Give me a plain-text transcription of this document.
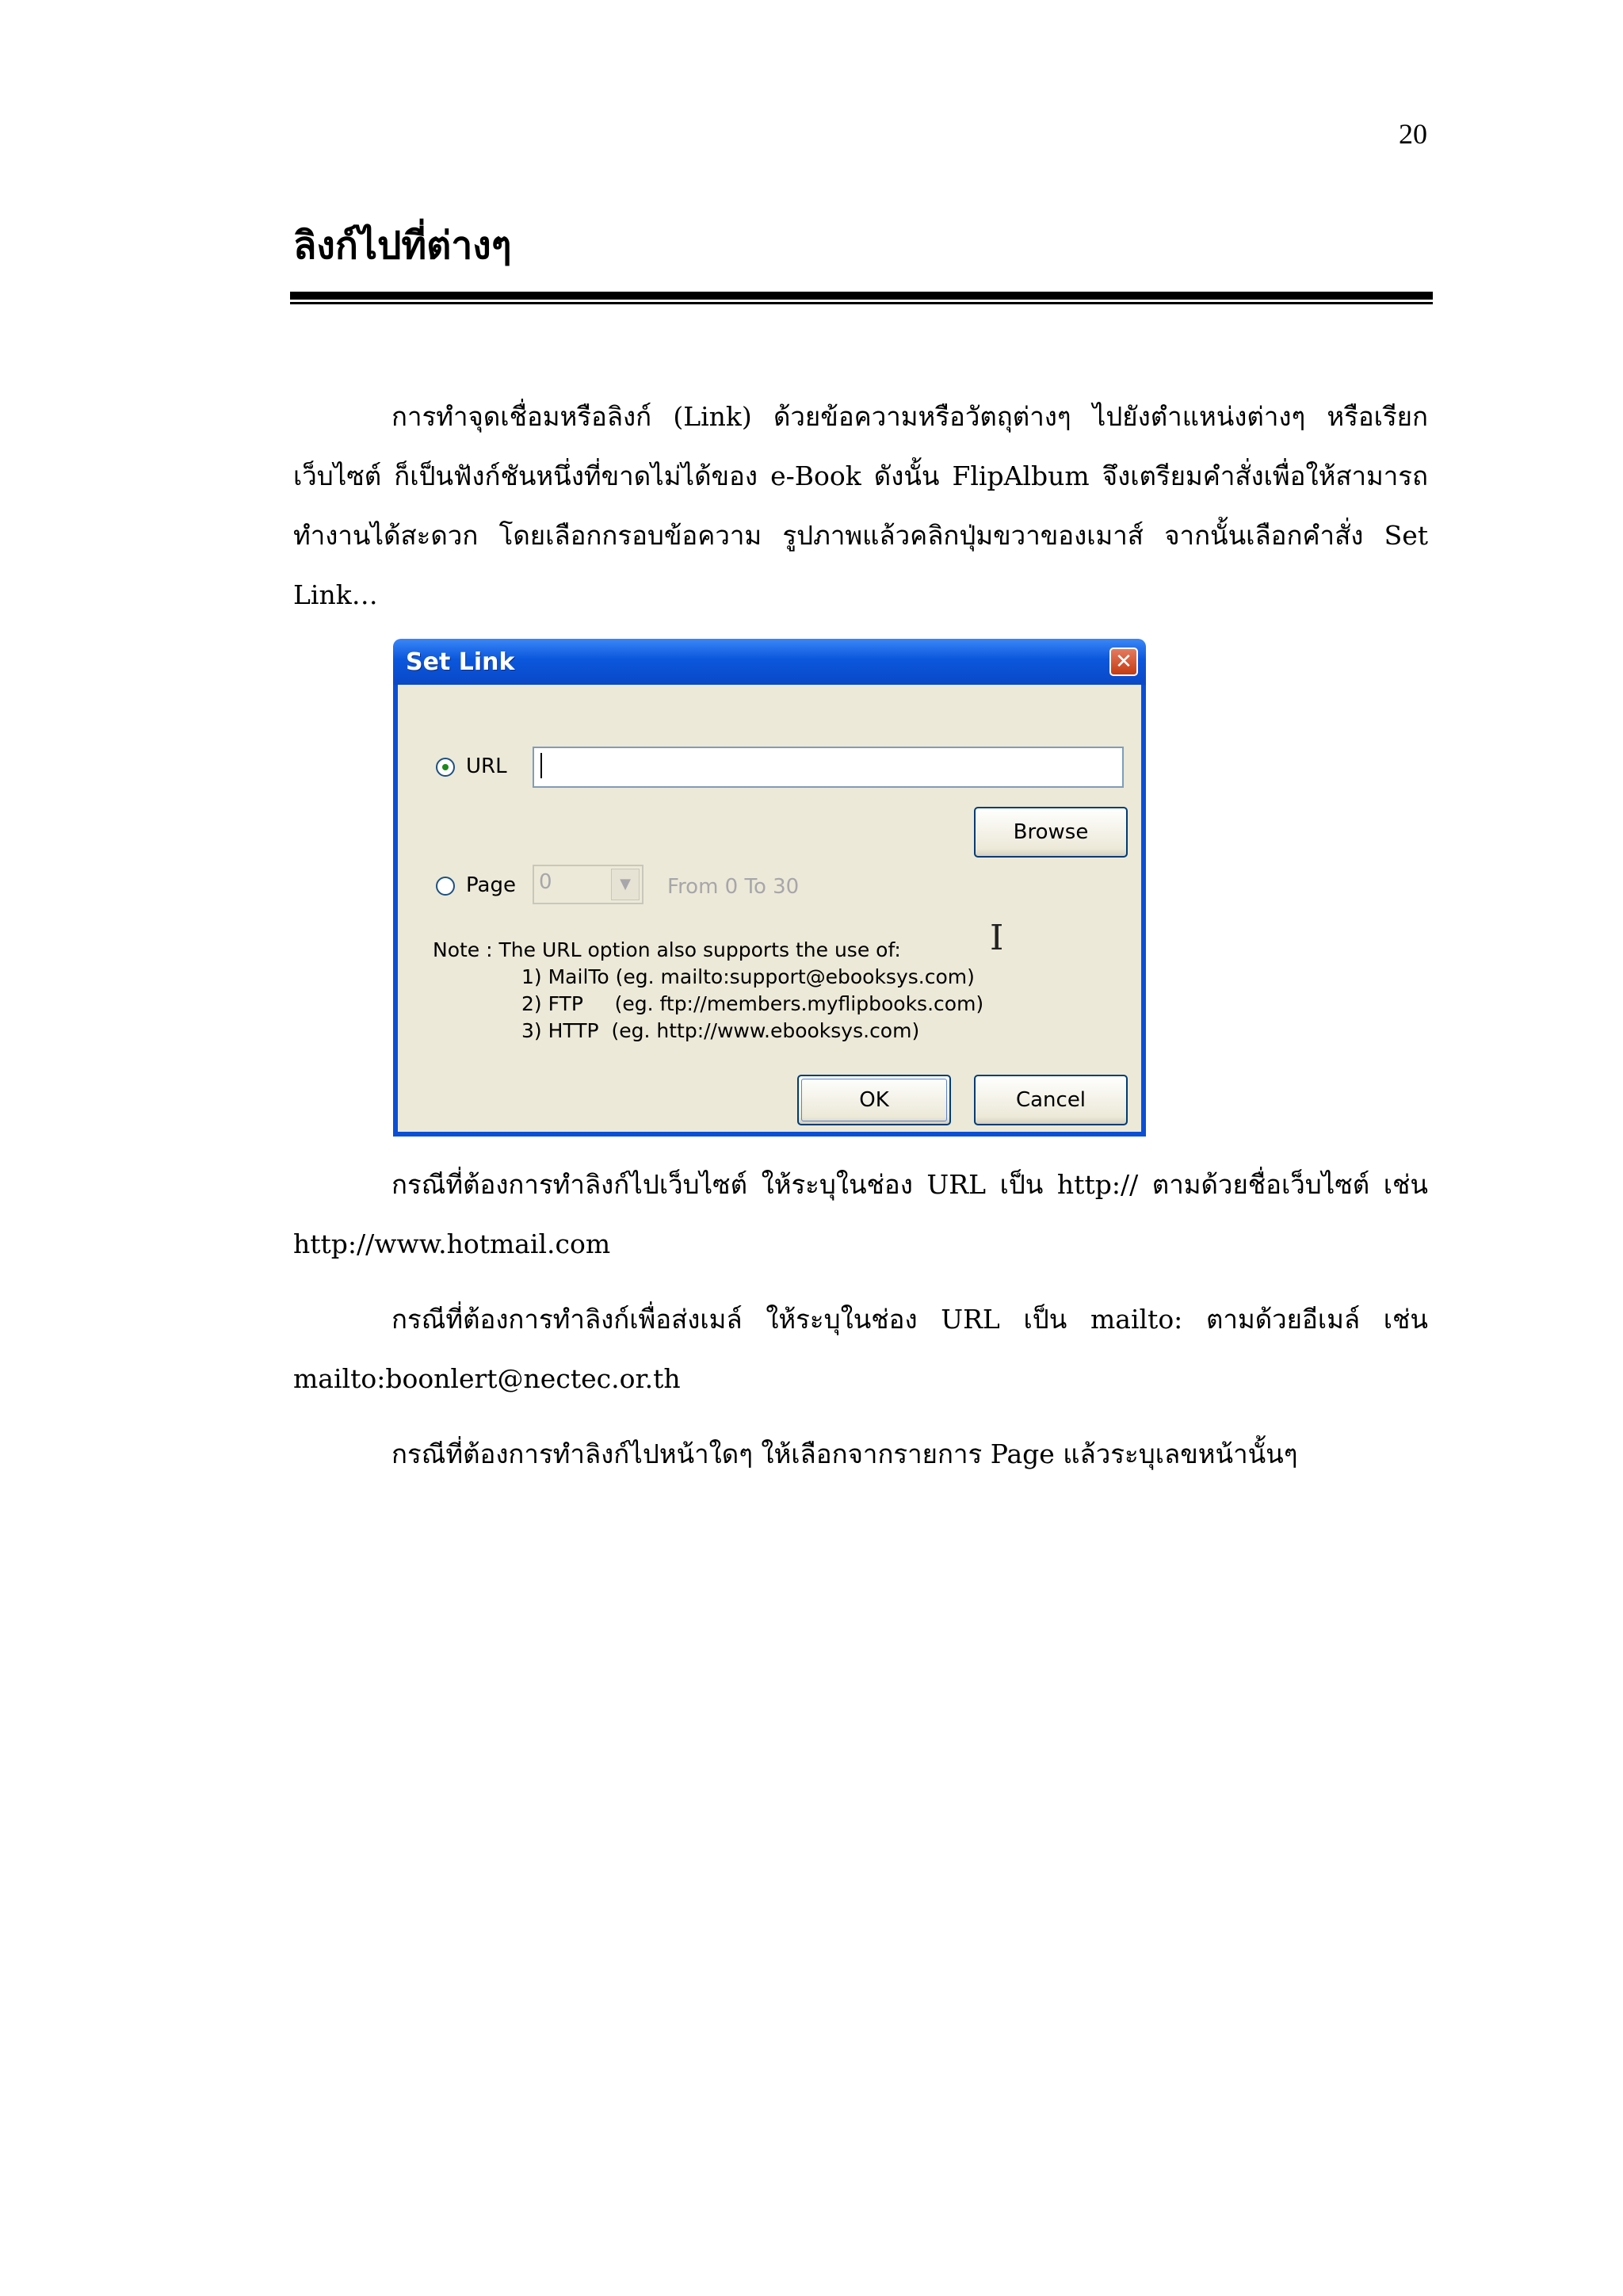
20
ลิงก์ไปที่ต่างๆ
การทำจุดเชื่อมหรือลิงก์ (Link) ด้วยข้อความหรือวัตถุต่างๆ ไปยังตำแหน่งต่างๆ หรือเรียกเว็บไซต์ ก็เป็นฟังก์ชันหนึ่งที่ขาดไม่ได้ของ e-Book ดังนั้น FlipAlbum จึงเตรียมคำสั่งเพื่อให้สามารถทำงานได้สะดวก โดยเลือกกรอบข้อความ รูปภาพแล้วคลิกปุ่มขวาของเมาส์ จากนั้นเลือกคำสั่ง Set Link…
Set Link	✕
URL
Browse
Page	0	▼	From 0 To 30
I
Note : The URL option also supports the use of:
1) MailTo (eg. mailto:support@ebooksys.com)
2) FTP     (eg. ftp://members.myflipbooks.com)
3) HTTP  (eg. http://www.ebooksys.com)
OK	Cancel
กรณีที่ต้องการทำลิงก์ไปเว็บไซต์ ให้ระบุในช่อง URL เป็น http:// ตามด้วยชื่อเว็บไซต์ เช่น http://www.hotmail.com
กรณีที่ต้องการทำลิงก์เพื่อส่งเมล์ ให้ระบุในช่อง URL เป็น mailto: ตามด้วยอีเมล์ เช่น mailto:boonlert@nectec.or.th
กรณีที่ต้องการทำลิงก์ไปหน้าใดๆ ให้เลือกจากรายการ Page แล้วระบุเลขหน้านั้นๆ
